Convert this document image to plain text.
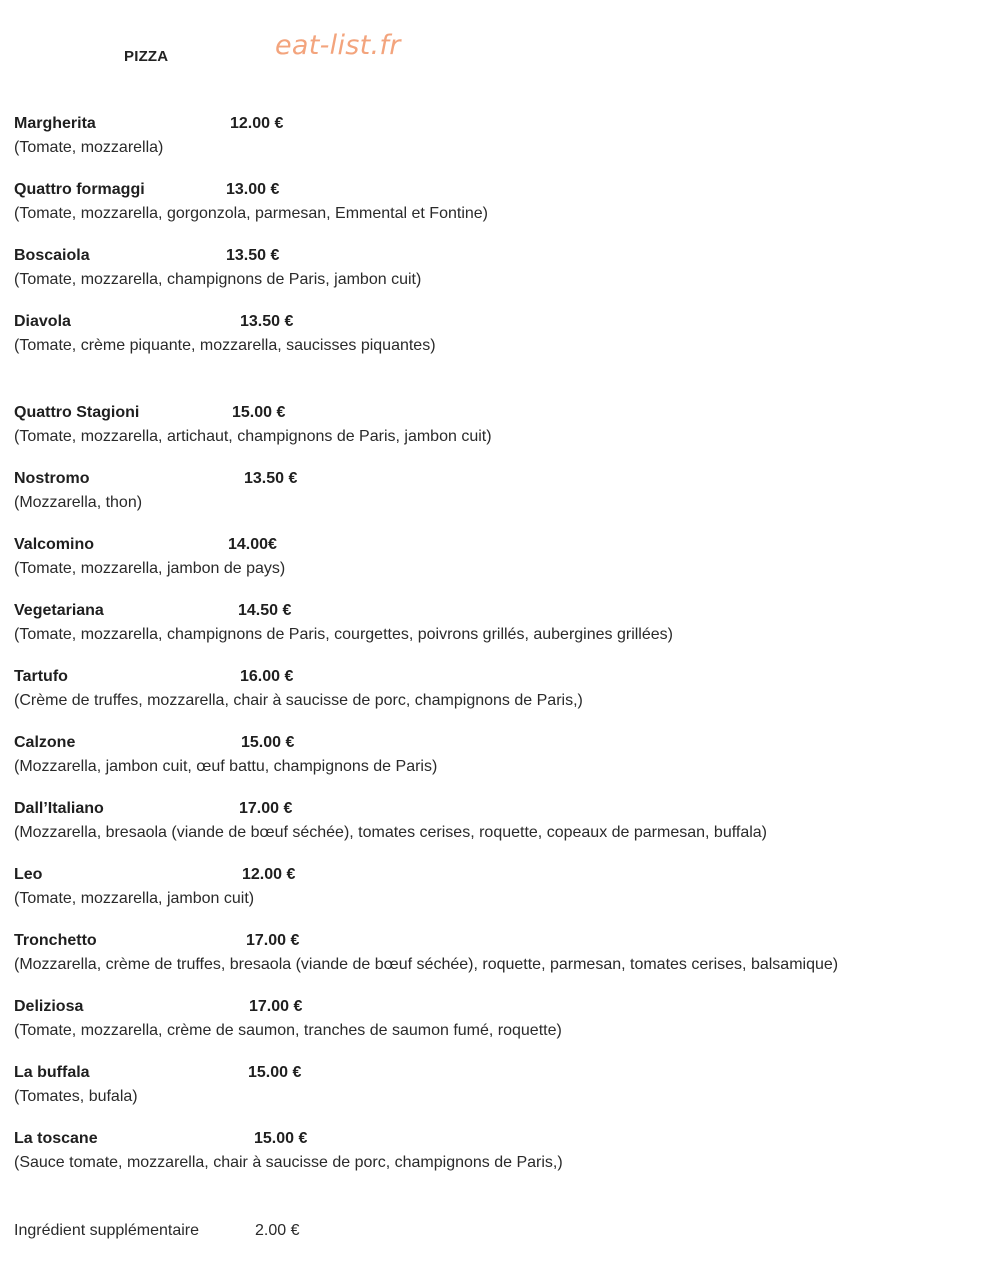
PIZZA	eat-list.fr
Margherita	12.00 €
(Tomate, mozzarella)
Quattro formaggi	13.00 €
(Tomate, mozzarella, gorgonzola, parmesan, Emmental et Fontine)
Boscaiola	13.50 €
(Tomate, mozzarella, champignons de Paris, jambon cuit)
Diavola	13.50 €
(Tomate, crème piquante, mozzarella, saucisses piquantes)
Quattro Stagioni	15.00 €
(Tomate, mozzarella, artichaut, champignons de Paris, jambon cuit)
Nostromo	13.50 €
(Mozzarella, thon)
Valcomino	14.00€
(Tomate, mozzarella, jambon de pays)
Vegetariana	14.50 €
(Tomate, mozzarella, champignons de Paris, courgettes, poivrons grillés, aubergines grillées)
Tartufo	16.00 €
(Crème de truffes, mozzarella, chair à saucisse de porc, champignons de Paris,)
Calzone	15.00 €
(Mozzarella, jambon cuit, œuf battu, champignons de Paris)
Dall’Italiano	17.00 €
(Mozzarella, bresaola (viande de bœuf séchée), tomates cerises, roquette, copeaux de parmesan, buffala)
Leo	12.00 €
(Tomate, mozzarella, jambon cuit)
Tronchetto	17.00 €
(Mozzarella, crème de truffes, bresaola (viande de bœuf séchée), roquette, parmesan, tomates cerises, balsamique)
Deliziosa	17.00 €
(Tomate, mozzarella, crème de saumon, tranches de saumon fumé, roquette)
La buffala	15.00 €
(Tomates, bufala)
La toscane	15.00 €
(Sauce tomate, mozzarella, chair à saucisse de porc, champignons de Paris,)
Ingrédient supplémentaire	2.00 €
